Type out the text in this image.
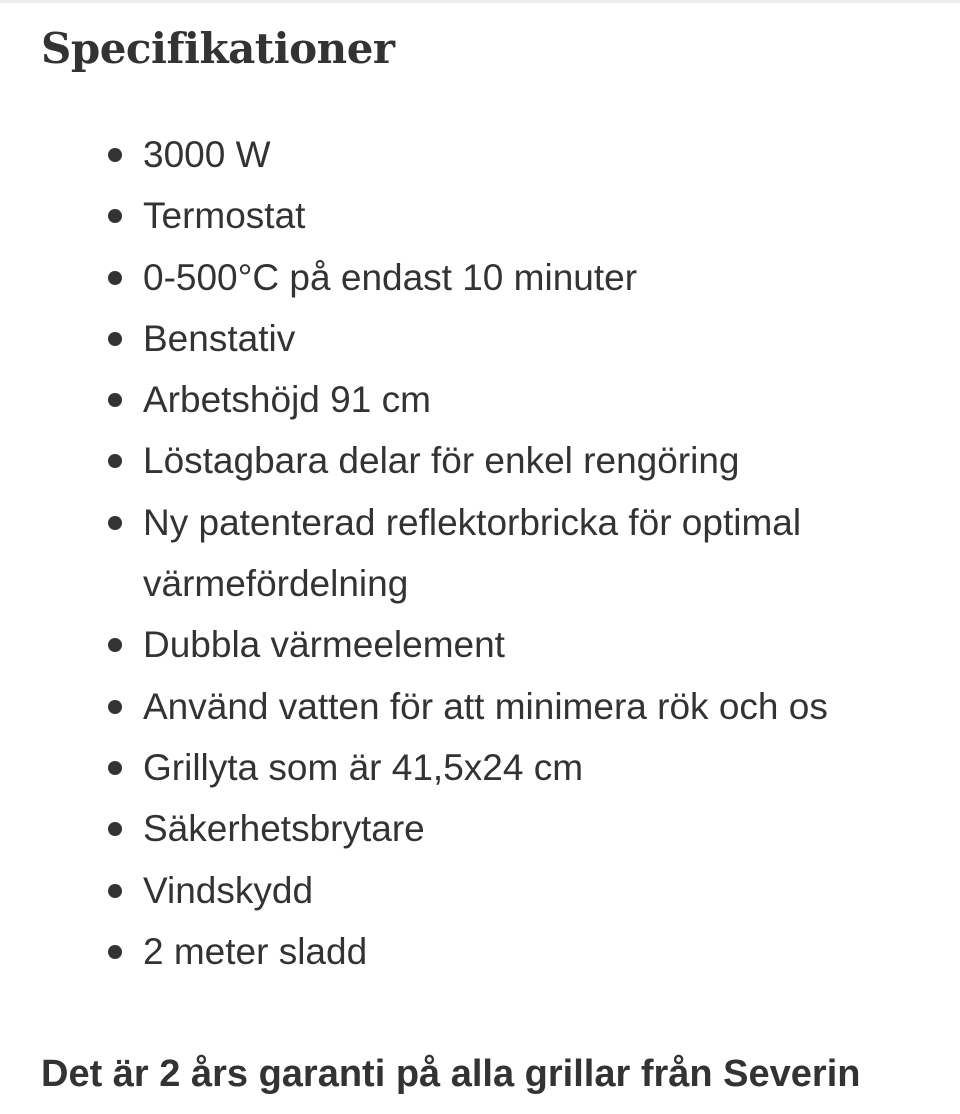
Specifikationer
3000 W
Termostat
0-500°C på endast 10 minuter
Benstativ
Arbetshöjd 91 cm
Löstagbara delar för enkel rengöring
Ny patenterad reflektorbricka för optimal värmefördelning
Dubbla värmeelement
Använd vatten för att minimera rök och os
Grillyta som är 41,5x24 cm
Säkerhetsbrytare
Vindskydd
2 meter sladd

Det är 2 års garanti på alla grillar från Severin
